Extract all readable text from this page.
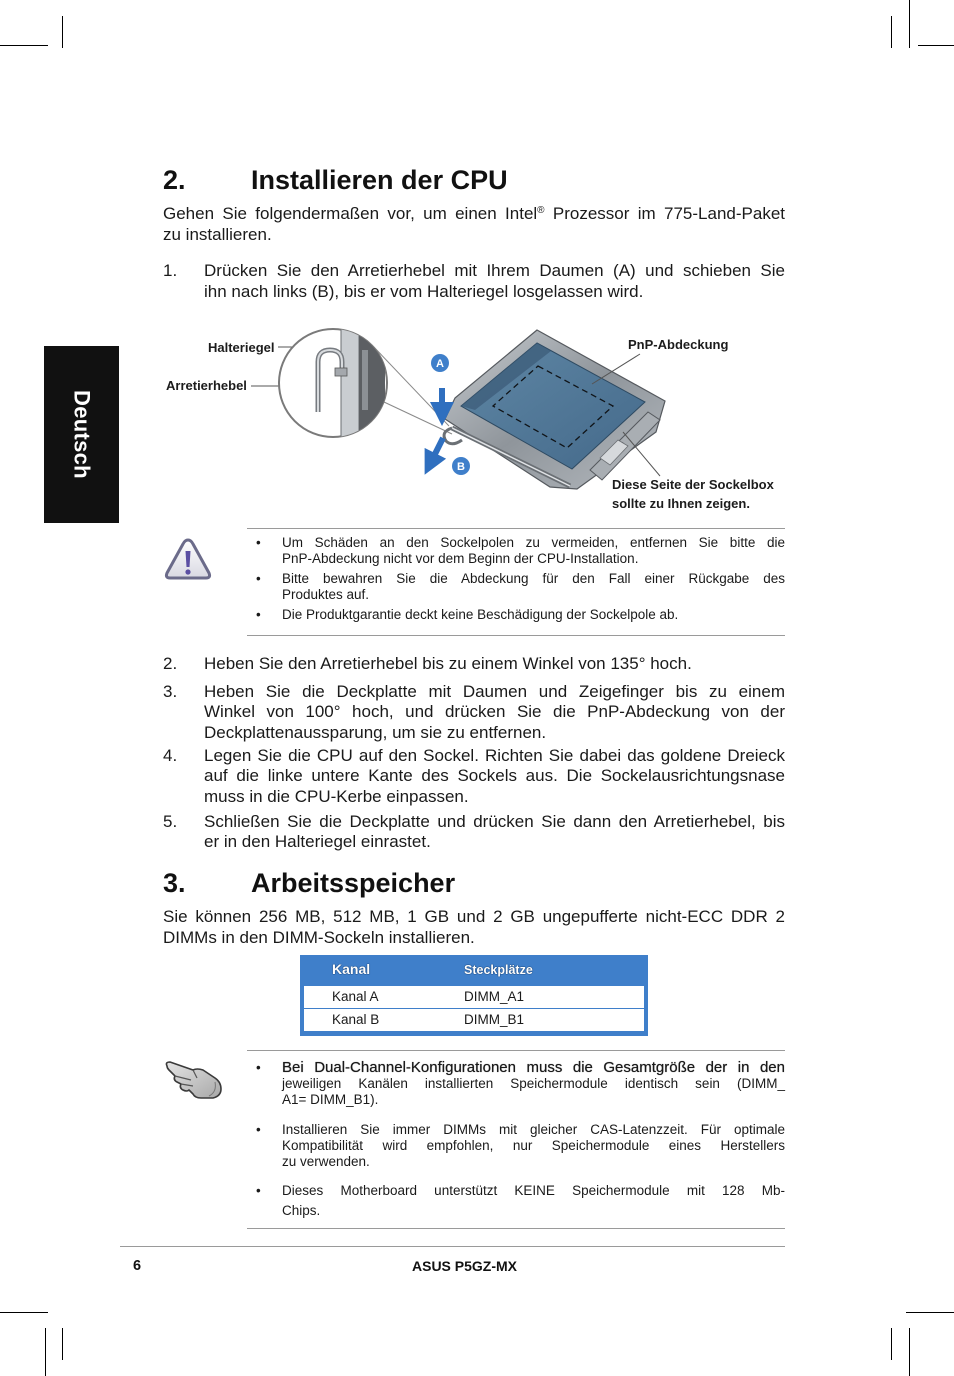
Deutsch
2. Installieren der CPU
Gehen Sie folgendermaßen vor, um einen Intel® Prozessor im 775-Land-Paket
zu installieren.
1. Drücken Sie den Arretierhebel mit Ihrem Daumen (A) und schieben Sie
ihn nach links (B), bis er vom Halteriegel losgelassen wird.
A
B
Halteriegel
Arretierhebel
PnP-Abdeckung
Diese Seite der Sockelbox
sollte zu Ihnen zeigen.
• Um Schäden an den Sockelpolen zu vermeiden, entfernen Sie bitte die
PnP-Abdeckung nicht vor dem Beginn der CPU-Installation.
• Bitte bewahren Sie die Abdeckung für den Fall einer Rückgabe des
Produktes auf.
• Die Produktgarantie deckt keine Beschädigung der Sockelpole ab.
2. Heben Sie den Arretierhebel bis zu einem Winkel von 135° hoch.
3. Heben Sie die Deckplatte mit Daumen und Zeigefinger bis zu einem
Winkel von 100° hoch, und drücken Sie die PnP-Abdeckung von der
Deckplattenaussparung, um sie zu entfernen.
4. Legen Sie die CPU auf den Sockel. Richten Sie dabei das goldene Dreieck
auf die linke untere Kante des Sockels aus. Die Sockelausrichtungsnase
muss in die CPU-Kerbe einpassen.
5. Schließen Sie die Deckplatte und drücken Sie dann den Arretierhebel, bis
er in den Halteriegel einrastet.
3. Arbeitsspeicher
Sie können 256 MB, 512 MB, 1 GB und 2 GB ungepufferte nicht-ECC DDR 2
DIMMs in den DIMM-Sockeln installieren.
Kanal	Steckplätze
Kanal A	DIMM_A1
Kanal B	DIMM_B1
• Bei Dual-Channel-Konfigurationen muss die Gesamtgröße der in den
jeweiligen Kanälen installierten Speichermodule identisch sein (DIMM_
A1= DIMM_B1).
• Installieren Sie immer DIMMs mit gleicher CAS-Latenzzeit. Für optimale
Kompatibilität wird empfohlen, nur Speichermodule eines Herstellers
zu verwenden.
• Dieses Motherboard unterstützt KEINE Speichermodule mit 128 Mb-
Chips.
6	ASUS P5GZ-MX
